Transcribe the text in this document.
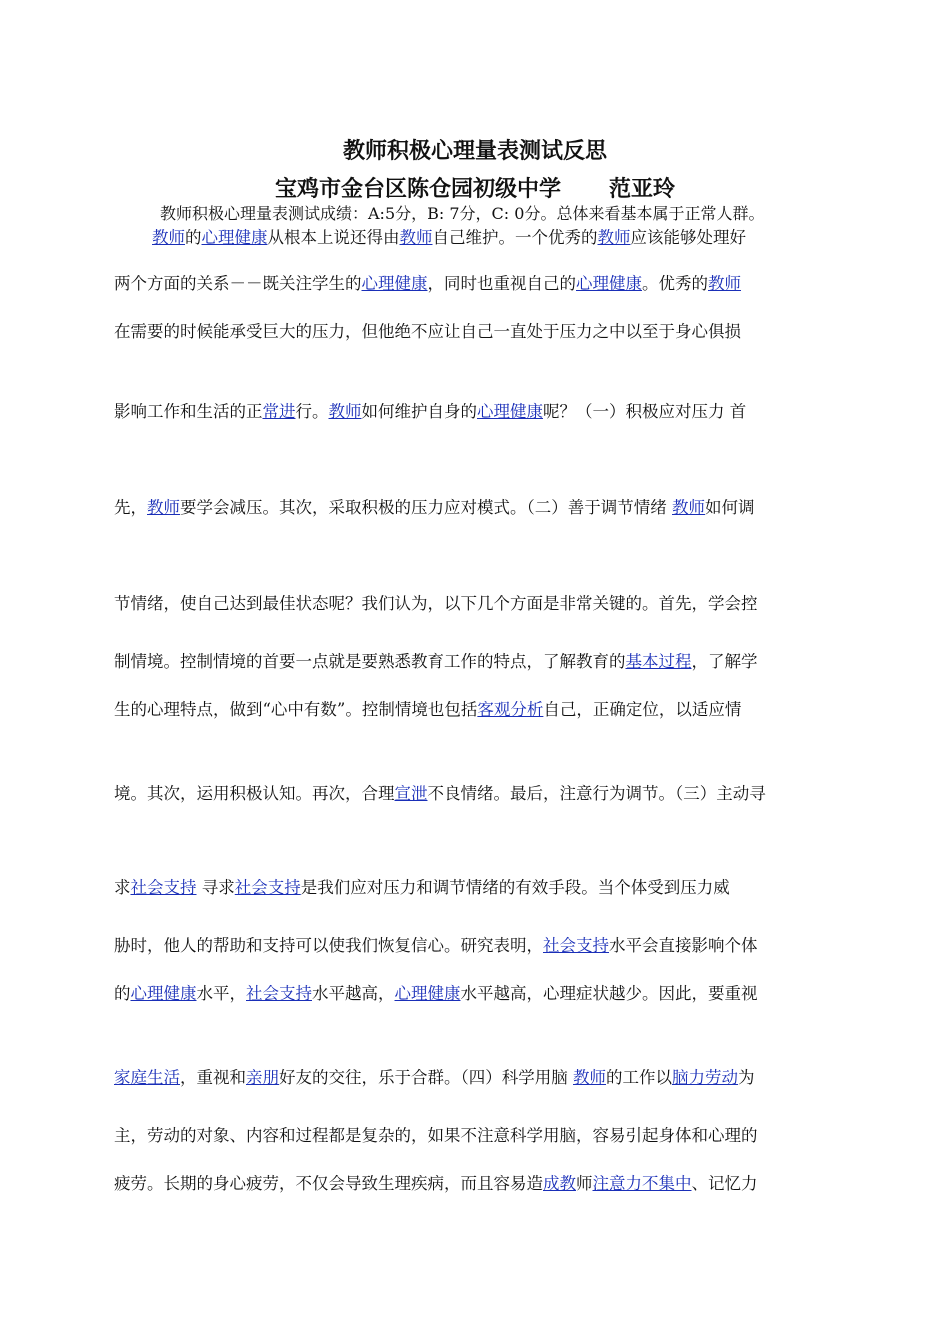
教师积极心理量表测试反思
宝鸡市金台区陈仓园初级中学 范亚玲
教师积极心理量表测试成绩：A:5分，B: 7分，C: 0分。总体来看基本属于正常人群。
教师的心理健康从根本上说还得由教师自己维护。一个优秀的教师应该能够处理好
两个方面的关系－－既关注学生的心理健康，同时也重视自己的心理健康。优秀的教师
在需要的时候能承受巨大的压力，但他绝不应让自己一直处于压力之中以至于身心俱损
影响工作和生活的正常进行。教师如何维护自身的心理健康呢？（一）积极应对压力 首
先，教师要学会减压。其次，采取积极的压力应对模式。（二）善于调节情绪 教师如何调
节情绪，使自己达到最佳状态呢？我们认为，以下几个方面是非常关键的。首先，学会控
制情境。控制情境的首要一点就是要熟悉教育工作的特点，了解教育的基本过程，了解学
生的心理特点，做到“心中有数”。控制情境也包括客观分析自己，正确定位，以适应情
境。其次，运用积极认知。再次，合理宣泄不良情绪。最后，注意行为调节。（三）主动寻
求社会支持 寻求社会支持是我们应对压力和调节情绪的有效手段。当个体受到压力威
胁时，他人的帮助和支持可以使我们恢复信心。研究表明，社会支持水平会直接影响个体
的心理健康水平，社会支持水平越高，心理健康水平越高，心理症状越少。因此，要重视
家庭生活，重视和亲朋好友的交往，乐于合群。（四）科学用脑 教师的工作以脑力劳动为
主，劳动的对象、内容和过程都是复杂的，如果不注意科学用脑，容易引起身体和心理的
疲劳。长期的身心疲劳，不仅会导致生理疾病，而且容易造成教师注意力不集中、记忆力
